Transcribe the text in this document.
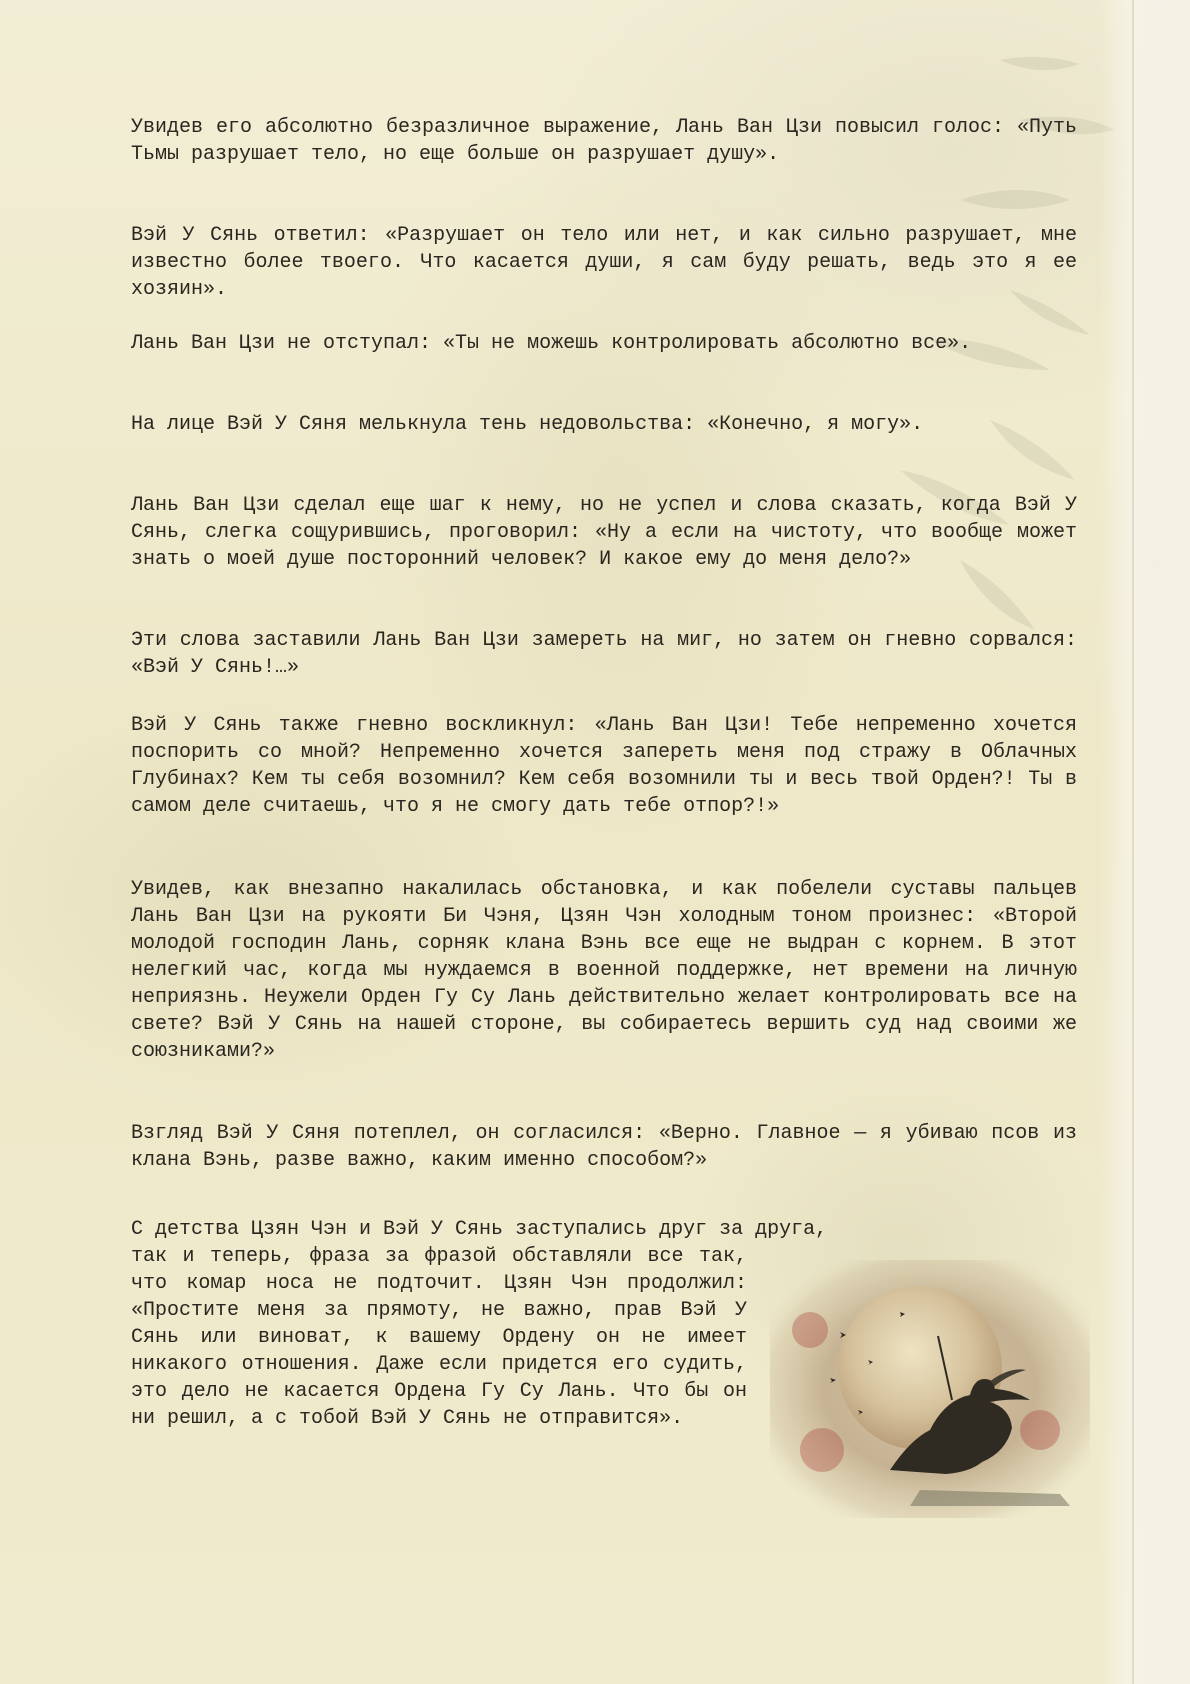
Увидев его абсолютно безразличное выражение, Лань Ван Цзи повысил голос: «Путь Тьмы разрушает тело, но еще больше он разрушает душу».

Вэй У Сянь ответил: «Разрушает он тело или нет, и как сильно разрушает, мне известно более твоего. Что касается души, я сам буду решать, ведь это я ее хозяин».

Лань Ван Цзи не отступал: «Ты не можешь контролировать абсолютно все».

На лице Вэй У Сяня мелькнула тень недовольства: «Конечно, я могу».

Лань Ван Цзи сделал еще шаг к нему, но не успел и слова сказать, когда Вэй У Сянь, слегка сощурившись, проговорил: «Ну а если на чистоту, что вообще может знать о моей душе посторонний человек? И какое ему до меня дело?»

Эти слова заставили Лань Ван Цзи замереть на миг, но затем он гневно сорвался: «Вэй У Сянь!…»

Вэй У Сянь также гневно воскликнул: «Лань Ван Цзи! Тебе непременно хочется поспорить со мной? Непременно хочется запереть меня под стражу в Облачных Глубинах? Кем ты себя возомнил? Кем себя возомнили ты и весь твой Орден?! Ты в самом деле считаешь, что я не смогу дать тебе отпор?!»

Увидев, как внезапно накалилась обстановка, и как побелели суставы пальцев Лань Ван Цзи на рукояти Би Чэня, Цзян Чэн холодным тоном произнес: «Второй молодой господин Лань, сорняк клана Вэнь все еще не выдран с корнем. В этот нелегкий час, когда мы нуждаемся в военной поддержке, нет времени на личную неприязнь. Неужели Орден Гу Су Лань действительно желает контролировать все на свете? Вэй У Сянь на нашей стороне, вы собираетесь вершить суд над своими же союзниками?»

Взгляд Вэй У Сяня потеплел, он согласился: «Верно. Главное — я убиваю псов из клана Вэнь, разве важно, каким именно способом?»

С детства Цзян Чэн и Вэй У Сянь заступались друг за друга,

так и теперь, фраза за фразой обставляли все так, что комар носа не подточит. Цзян Чэн продолжил: «Простите меня за прямоту, не важно, прав Вэй У Сянь или виноват, к вашему Ордену он не имеет никакого отношения. Даже если придется его судить, это дело не касается Ордена Гу Су Лань. Что бы он ни решил, а с тобой Вэй У Сянь не отправится».
